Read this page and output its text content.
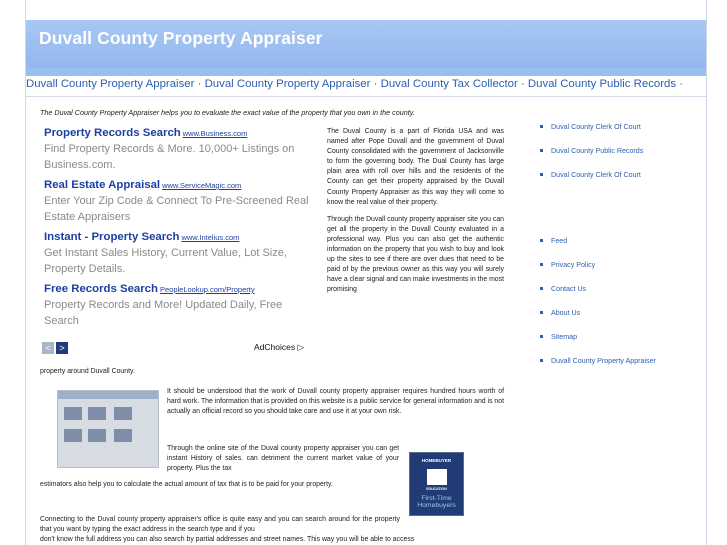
Duvall County Property Appraiser
Duvall County Property Appraiser · Duval County Property Appraiser · Duval County Tax Collector · Duval County Public Records ·
The Duval County Property Appraiser helps you to evaluate the exact value of the property that you own in the county.
Property Records Search www.Business.com
Find Property Records & More. 10,000+ Listings on Business.com.
Real Estate Appraisal www.ServiceMagic.com
Enter Your Zip Code & Connect To Pre-Screened Real Estate Appraisers
Instant - Property Search www.Intelius.com
Get Instant Sales History, Current Value, Lot Size, Property Details.
Free Records Search PeopleLookup.com/Property
Property Records and More! Updated Daily, Free Search
< >	AdChoices ▷

The Duval County is a part of Florida USA and was named after Pope Duvall and the government of Duval County consolidated with the government of Jacksonville to form the governing body. The Dual County has large plain area with roll over hills and the residents of the County can get their property appraised by the Duvall County Property Appraiser as this way they will come to know the real value of their property.

Through the Duvall county property appraiser site you can get all the property in the Duvall County evaluated in a professional way. Plus you can also get the authentic information on the property that you wish to buy and look up the sites to see if there are over dues that need to be paid of by the previous owner as this way you will surely have a clear signal and can make investments in the most promising

property around Duvall County.
It should be understood that the work of Duvall county property appraiser requires hundred hours worth of hard work. The information that is provided on this website is a public service for general information and is not actually an official record so you should take care and use it at your own risk.
Through the online site of the Duval county property appraiser you can get instant History of sales. can detriment the current market value of your property. Plus the tax
estimators also help you to calculate the actual amount of tax that is to be paid for your property.
HOMEBUYER
EDUCATION
First-Time Homebuyers
Connecting to the Duval county property appraiser's office is quite easy and you can search around for the property that you want by typing the exact address in the search type and if you
don't know the full address you can also search by partial addresses and street names. This way you will be able to access
Duval County Clerk Of Court
Duval County Public Records
Duval County Clerk Of Court
Feed
Privacy Policy
Contact Us
About Us
Sitemap
Duvall County Property Appraiser
